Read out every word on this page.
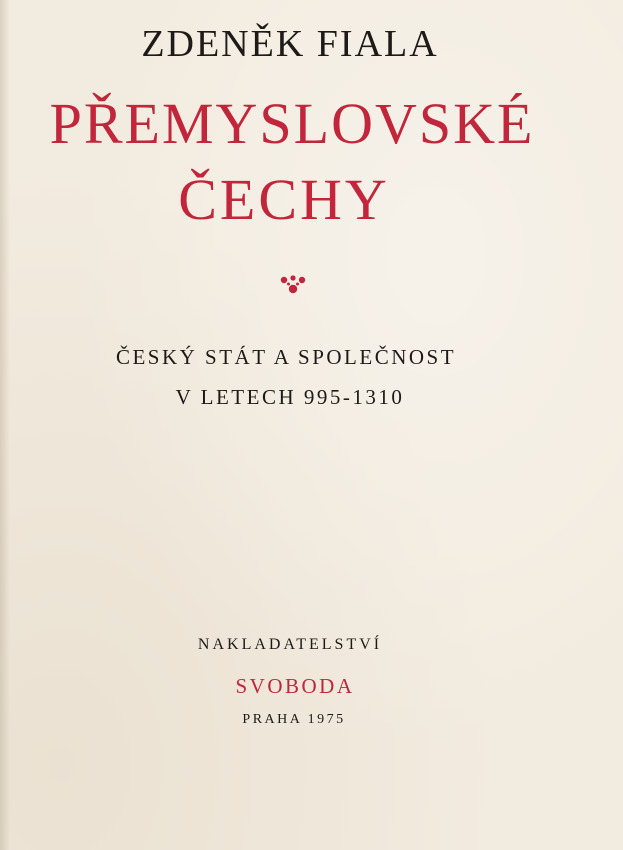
ZDENĚK FIALA
PŘEMYSLOVSKÉ
ČECHY
ČESKÝ STÁT A SPOLEČNOST
V LETECH 995-1310
NAKLADATELSTVÍ
SVOBODA
PRAHA 1975
